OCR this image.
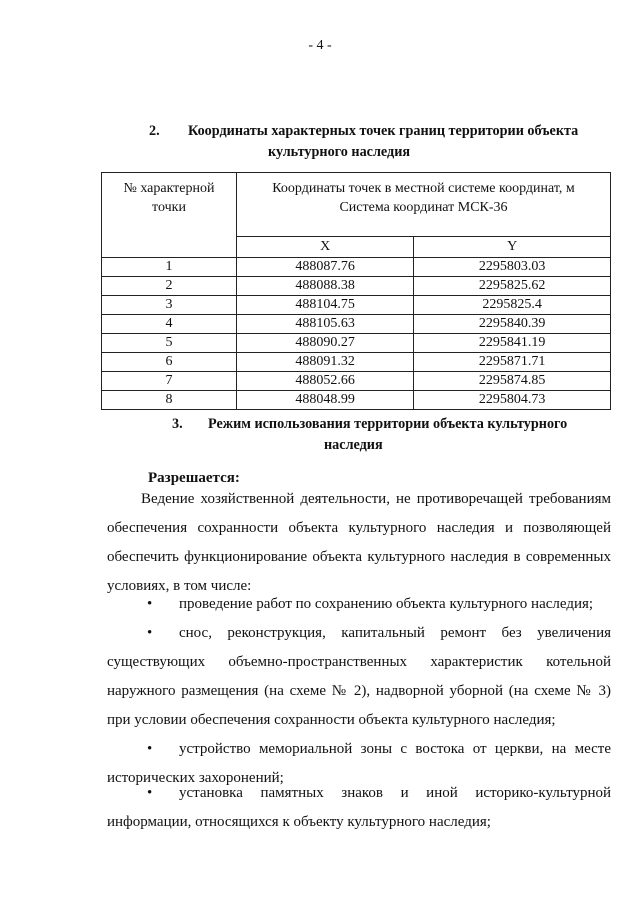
- 4 -
2. Координаты характерных точек границ территории объекта
культурного наследия
№ характерной
точки	Координаты точек в местной системе координат, м
Система координат МСК-36	
	X	Y
1	488087.76	2295803.03
2	488088.38	2295825.62
3	488104.75	2295825.4
4	488105.63	2295840.39
5	488090.27	2295841.19
6	488091.32	2295871.71
7	488052.66	2295874.85
8	488048.99	2295804.73
3. Режим использования территории объекта культурного
наследия
Разрешается:
Ведение хозяйственной деятельности, не противоречащей требованиям
обеспечения сохранности объекта культурного наследия и позволяющей
обеспечить функционирование объекта культурного наследия в современных
условиях, в том числе:
•	проведение работ по сохранению объекта культурного наследия;
•	снос, реконструкция, капитальный ремонт без увеличения
существующих объемно-пространственных характеристик котельной
наружного размещения (на схеме № 2), надворной уборной (на схеме № 3)
при условии обеспечения сохранности объекта культурного наследия;
•	устройство мемориальной зоны с востока от церкви, на месте
исторических захоронений;
•	установка памятных знаков и иной историко-культурной
информации, относящихся к объекту культурного наследия;
